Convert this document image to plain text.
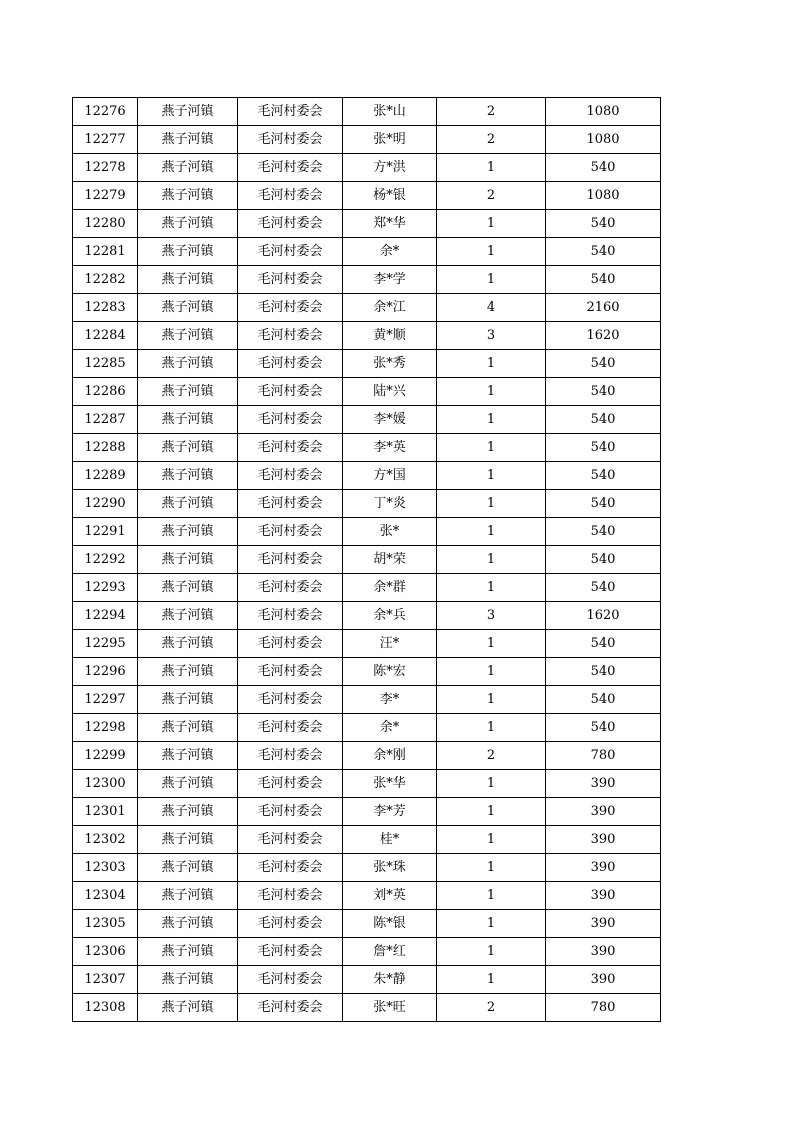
12276	燕子河镇	毛河村委会	张*山	2	1080
12277	燕子河镇	毛河村委会	张*明	2	1080
12278	燕子河镇	毛河村委会	方*洪	1	540
12279	燕子河镇	毛河村委会	杨*银	2	1080
12280	燕子河镇	毛河村委会	郑*华	1	540
12281	燕子河镇	毛河村委会	余*	1	540
12282	燕子河镇	毛河村委会	李*学	1	540
12283	燕子河镇	毛河村委会	余*江	4	2160
12284	燕子河镇	毛河村委会	黄*顺	3	1620
12285	燕子河镇	毛河村委会	张*秀	1	540
12286	燕子河镇	毛河村委会	陆*兴	1	540
12287	燕子河镇	毛河村委会	李*媛	1	540
12288	燕子河镇	毛河村委会	李*英	1	540
12289	燕子河镇	毛河村委会	方*国	1	540
12290	燕子河镇	毛河村委会	丁*炎	1	540
12291	燕子河镇	毛河村委会	张*	1	540
12292	燕子河镇	毛河村委会	胡*荣	1	540
12293	燕子河镇	毛河村委会	余*群	1	540
12294	燕子河镇	毛河村委会	余*兵	3	1620
12295	燕子河镇	毛河村委会	汪*	1	540
12296	燕子河镇	毛河村委会	陈*宏	1	540
12297	燕子河镇	毛河村委会	李*	1	540
12298	燕子河镇	毛河村委会	余*	1	540
12299	燕子河镇	毛河村委会	余*刚	2	780
12300	燕子河镇	毛河村委会	张*华	1	390
12301	燕子河镇	毛河村委会	李*芳	1	390
12302	燕子河镇	毛河村委会	桂*	1	390
12303	燕子河镇	毛河村委会	张*珠	1	390
12304	燕子河镇	毛河村委会	刘*英	1	390
12305	燕子河镇	毛河村委会	陈*银	1	390
12306	燕子河镇	毛河村委会	詹*红	1	390
12307	燕子河镇	毛河村委会	朱*静	1	390
12308	燕子河镇	毛河村委会	张*旺	2	780
